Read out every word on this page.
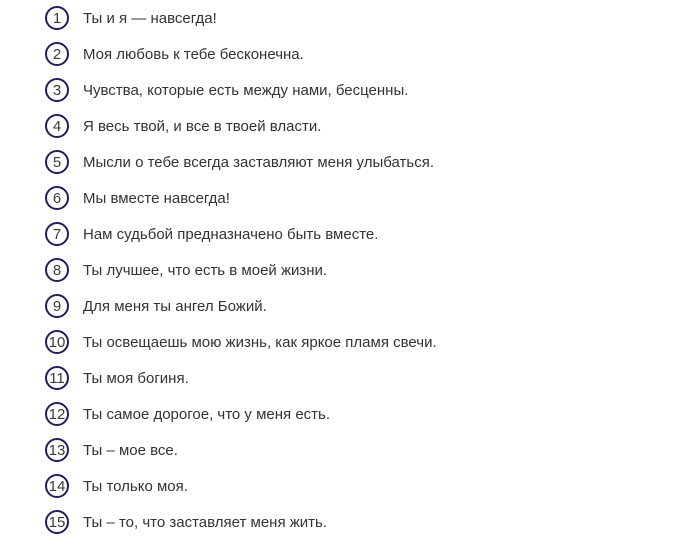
1	Ты и я — навсегда!
2	Моя любовь к тебе бесконечна.
3	Чувства, которые есть между нами, бесценны.
4	Я весь твой, и все в твоей власти.
5	Мысли о тебе всегда заставляют меня улыбаться.
6	Мы вместе навсегда!
7	Нам судьбой предназначено быть вместе.
8	Ты лучшее, что есть в моей жизни.
9	Для меня ты ангел Божий.
10 Ты освещаешь мою жизнь, как яркое пламя свечи.
11 Ты моя богиня.
12 Ты самое дорогое, что у меня есть.
13 Ты – мое все.
14 Ты только моя.
15 Ты – то, что заставляет меня жить.
